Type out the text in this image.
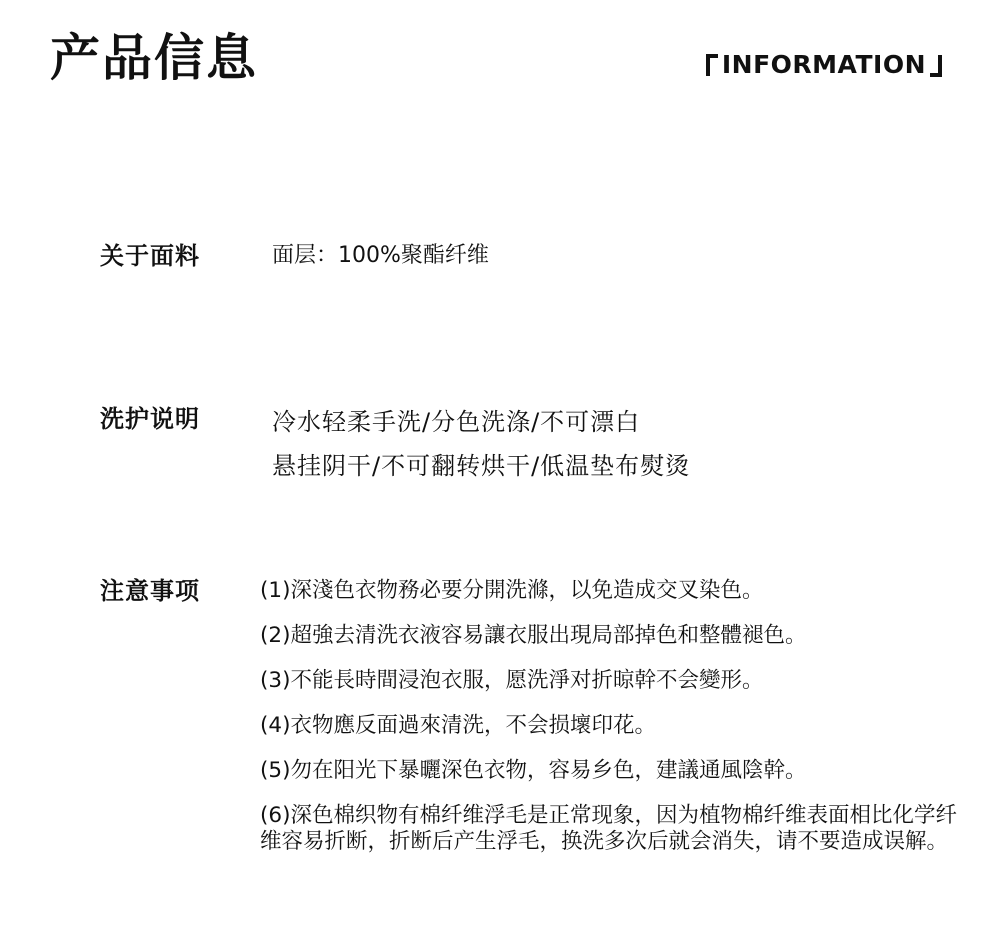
产品信息	INFORMATION
关于面料	面层：100%聚酯纤维
洗护说明	冷水轻柔手洗/分色洗涤/不可漂白
悬挂阴干/不可翻转烘干/低温垫布熨烫
注意事项	(1)深淺色衣物務必要分開洗滌，以免造成交叉染色。
(2)超強去清洗衣液容易讓衣服出現局部掉色和整體褪色。
(3)不能長時間浸泡衣服，愿洗淨对折晾幹不会變形。
(4)衣物應反面過來清洗，不会损壞印花。
(5)勿在阳光下暴曬深色衣物，容易乡色，建議通風陰幹。
(6)深色棉织物有棉纤维浮毛是正常现象，因为植物棉纤维表面相比化学纤维容易折断，折断后产生浮毛，换洗多次后就会消失，请不要造成误解。
